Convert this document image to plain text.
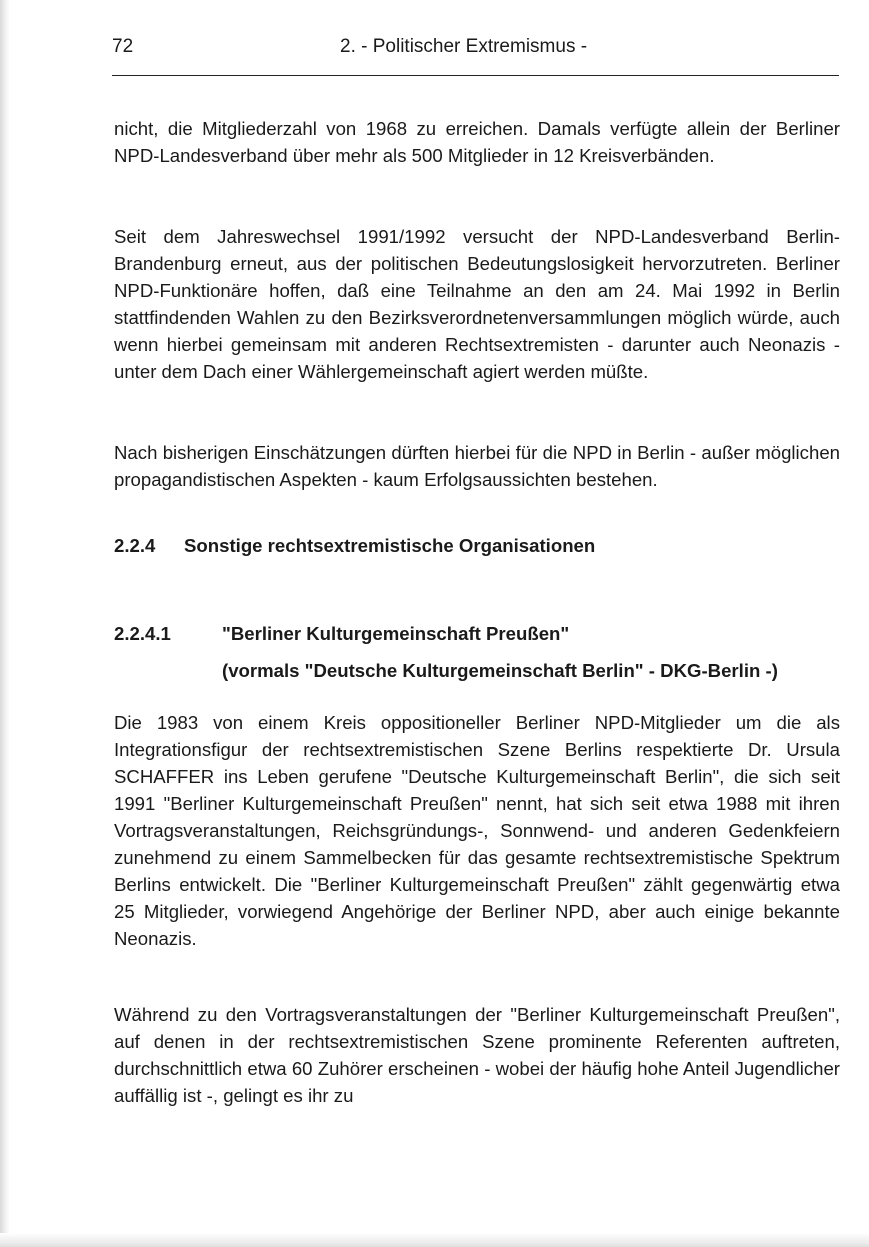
72	2. - Politischer Extremismus -

nicht, die Mitgliederzahl von 1968 zu erreichen. Damals verfügte allein der Berliner NPD-Landesverband über mehr als 500 Mitglieder in 12 Kreisverbänden.

Seit dem Jahreswechsel 1991/1992 versucht der NPD-Landesverband Berlin-Brandenburg erneut, aus der politischen Bedeutungslosigkeit hervorzutreten. Berliner NPD-Funktionäre hoffen, daß eine Teilnahme an den am 24. Mai 1992 in Berlin stattfindenden Wahlen zu den Bezirksverordnetenversammlungen möglich würde, auch wenn hierbei gemeinsam mit anderen Rechtsextremisten - darunter auch Neonazis - unter dem Dach einer Wählergemeinschaft agiert werden müßte.

Nach bisherigen Einschätzungen dürften hierbei für die NPD in Berlin - außer möglichen propagandistischen Aspekten - kaum Erfolgsaussichten bestehen.

2.2.4 Sonstige rechtsextremistische Organisationen
2.2.4.1	"Berliner Kulturgemeinschaft Preußen"
(vormals "Deutsche Kulturgemeinschaft Berlin" - DKG-Berlin -)

Die 1983 von einem Kreis oppositioneller Berliner NPD-Mitglieder um die als Integrationsfigur der rechtsextremistischen Szene Berlins respektierte Dr. Ursula SCHAFFER ins Leben gerufene "Deutsche Kulturgemeinschaft Berlin", die sich seit 1991 "Berliner Kulturgemeinschaft Preußen" nennt, hat sich seit etwa 1988 mit ihren Vortragsveranstaltungen, Reichsgründungs-, Sonnwend- und anderen Gedenkfeiern zunehmend zu einem Sammelbecken für das gesamte rechtsextremistische Spektrum Berlins entwickelt. Die "Berliner Kulturgemeinschaft Preußen" zählt gegenwärtig etwa 25 Mitglieder, vorwiegend Angehörige der Berliner NPD, aber auch einige bekannte Neonazis.

Während zu den Vortragsveranstaltungen der "Berliner Kulturgemeinschaft Preußen", auf denen in der rechtsextremistischen Szene prominente Referenten auftreten, durchschnittlich etwa 60 Zuhörer erscheinen - wobei der häufig hohe Anteil Jugendlicher auffällig ist -, gelingt es ihr zu
